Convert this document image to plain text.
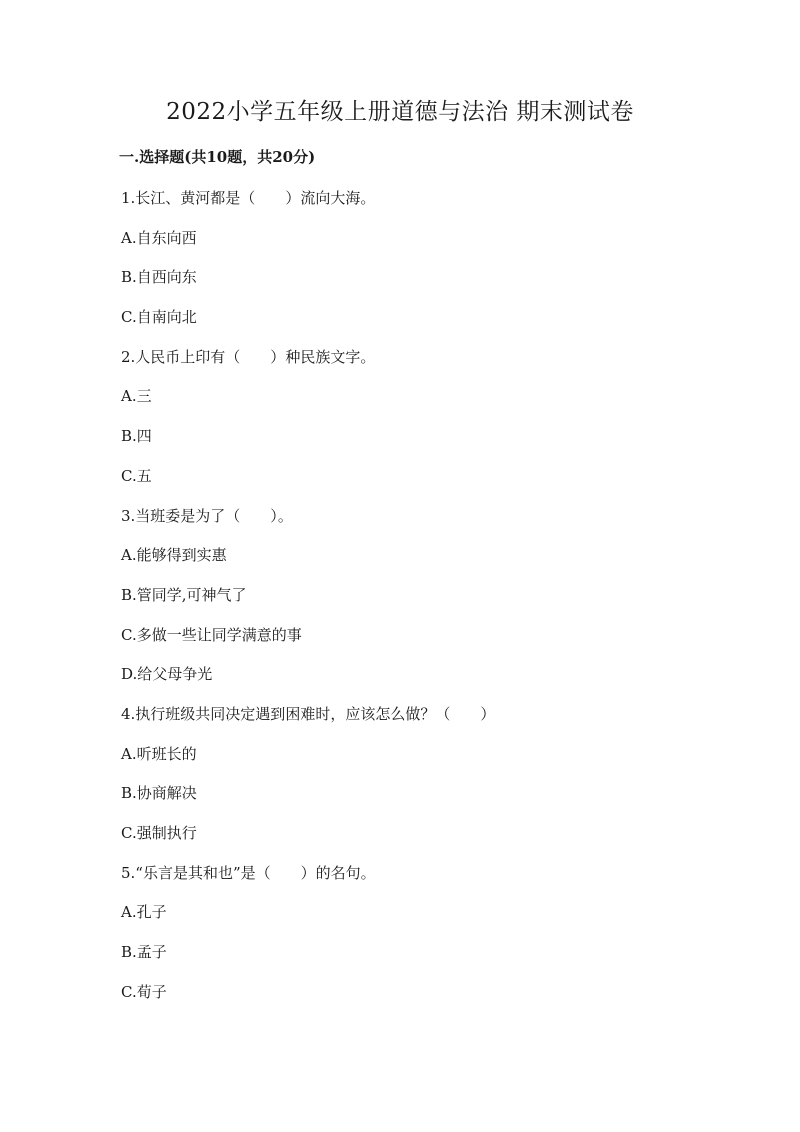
2022小学五年级上册道德与法治 期末测试卷
一.选择题(共10题，共20分)
1.长江、黄河都是（　　）流向大海。
A.自东向西
B.自西向东
C.自南向北
2.人民币上印有（　　）种民族文字。
A.三
B.四
C.五
3.当班委是为了（　　）。
A.能够得到实惠
B.管同学,可神气了
C.多做一些让同学满意的事
D.给父母争光
4.执行班级共同决定遇到困难时，应该怎么做？（　　）
A.听班长的
B.协商解决
C.强制执行
5.“乐言是其和也”是（　　）的名句。
A.孔子
B.孟子
C.荀子
